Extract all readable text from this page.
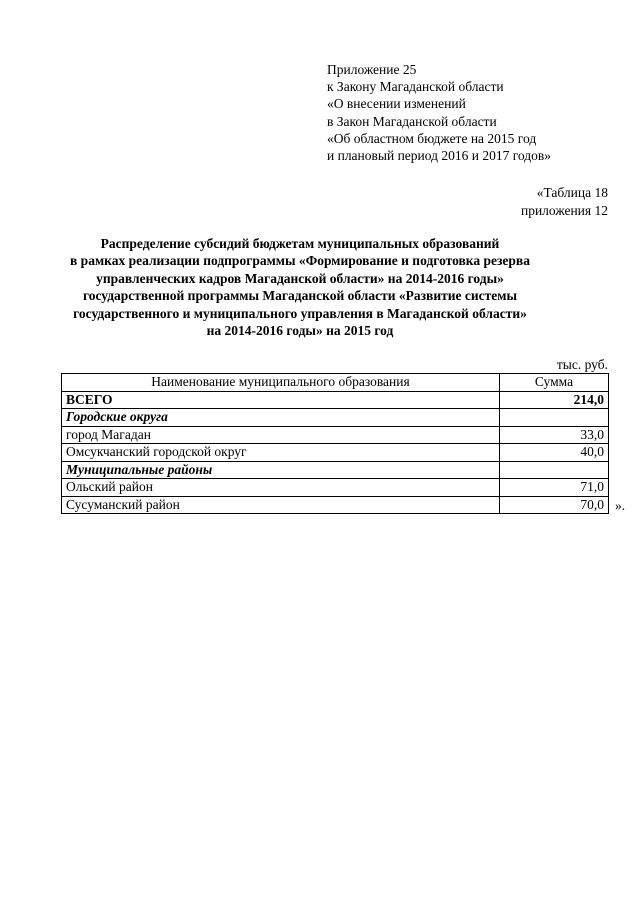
Приложение 25
к Закону Магаданской области
«О внесении изменений
в Закон Магаданской области
«Об областном бюджете на 2015 год
и плановый период 2016 и 2017 годов»
«Таблица 18
приложения 12
Распределение субсидий бюджетам муниципальных образований
в рамках реализации подпрограммы «Формирование и подготовка резерва
управленческих кадров Магаданской области» на 2014-2016 годы»
государственной программы Магаданской области «Развитие системы
государственного и муниципального управления в Магаданской области»
на 2014-2016 годы» на 2015 год
тыс. руб.
Наименование муниципального образования	Сумма
ВСЕГО	214,0
Городские округа	
город Магадан	33,0
Омсукчанский городской округ	40,0
Муниципальные районы	
Ольский район	71,0
Сусуманский район	70,0 ».
